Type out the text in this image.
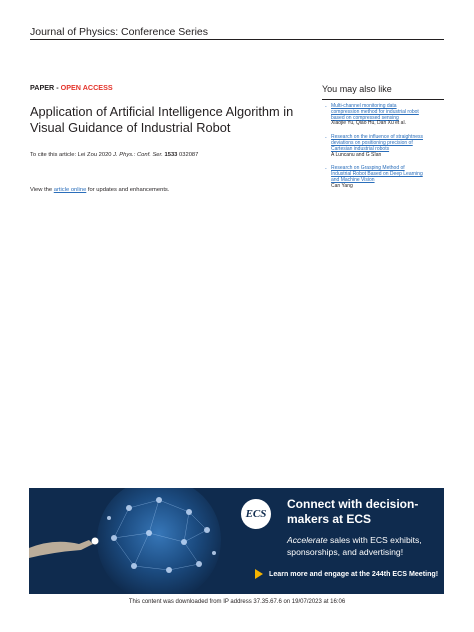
Journal of Physics: Conference Series

PAPER - OPEN ACCESS

Application of Artificial Intelligence Algorithm in
Visual Guidance of Industrial Robot
To cite this article: Lei Zou 2020 J. Phys.: Conf. Ser. 1533 032087
View the article online for updates and enhancements.
You may also like
- Multi-channel monitoring data
compression method for industrial robot
based on compressed sensing
Xiaojie Yu, Qiao Hu, Dan Xu et al.
- Research on the influence of straightness
deviations on positioning precision of
Cartesian industrial robots
A Luncanu and G Sîan
- Research on Grasping Method of
Industrial Robot Based on Deep Learning
and Machine Vision
Can Yang
ECS
Connect with decision-
makers at ECS
Accelerate sales with ECS exhibits,
sponsorships, and advertising!
Learn more and engage at the 244th ECS Meeting!
This content was downloaded from IP address 37.35.67.6 on 19/07/2023 at 16:06
